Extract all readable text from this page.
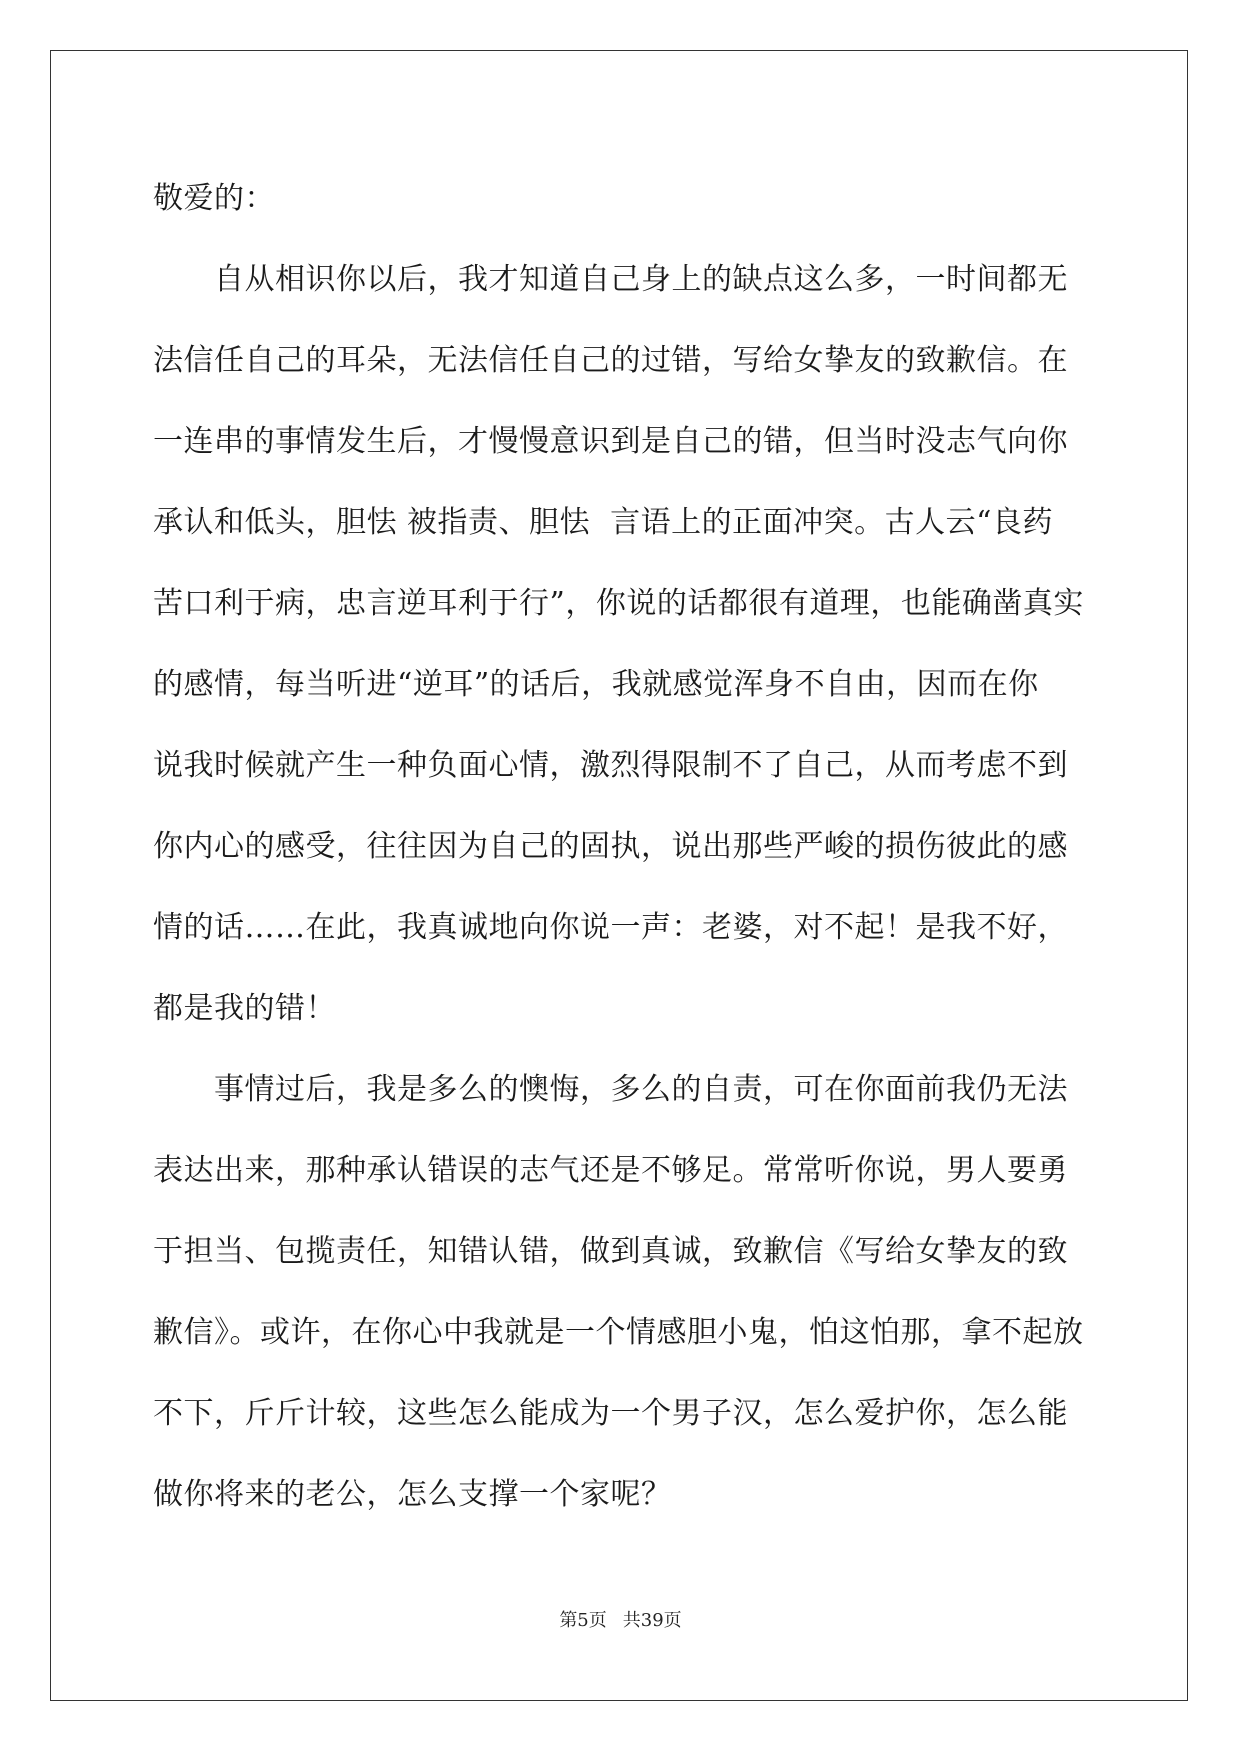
敬爱的：
自从相识你以后，我才知道自己身上的缺点这么多，一时间都无
法信任自己的耳朵，无法信任自己的过错，写给女挚友的致歉信。在
一连串的事情发生后，才慢慢意识到是自己的错，但当时没志气向你
承认和低头，胆怯 被指责、胆怯  言语上的正面冲突。古人云“良药
苦口利于病，忠言逆耳利于行”，你说的话都很有道理，也能确凿真实
的感情，每当听进“逆耳”的话后，我就感觉浑身不自由，因而在你
说我时候就产生一种负面心情，激烈得限制不了自己，从而考虑不到
你内心的感受，往往因为自己的固执，说出那些严峻的损伤彼此的感
情的话……在此，我真诚地向你说一声：老婆，对不起！是我不好，
都是我的错！
事情过后，我是多么的懊悔，多么的自责，可在你面前我仍无法
表达出来，那种承认错误的志气还是不够足。常常听你说，男人要勇
于担当、包揽责任，知错认错，做到真诚，致歉信《写给女挚友的致
歉信》。或许，在你心中我就是一个情感胆小鬼，怕这怕那，拿不起放
不下，斤斤计较，这些怎么能成为一个男子汉，怎么爱护你，怎么能
做你将来的老公，怎么支撑一个家呢？
第5页 共39页
